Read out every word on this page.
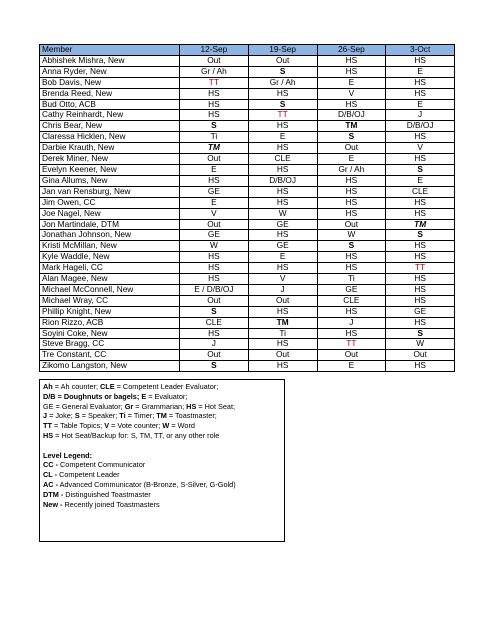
Member	12-Sep	19-Sep	26-Sep	3-Oct
Abhishek Mishra, New	Out	Out	HS	HS
Anna Ryder, New	Gr / Ah	S	HS	E
Bob Davis, New	TT	Gr / Ah	E	HS
Brenda Reed, New	HS	HS	V	HS
Bud Otto, ACB	HS	S	HS	E
Cathy Reinhardt, New	HS	TT	D/B/OJ	J
Chris Bear, New	S	HS	TM	D/B/OJ
Claressa Hicklen, New	Ti	E	S	HS
Darbie Krauth, New	TM	HS	Out	V
Derek Miner, New	Out	CLE	E	HS
Evelyn Keener, New	E	HS	Gr / Ah	S
Gina Allums, New	HS	D/B/OJ	HS	E
Jan van Rensburg, New	GE	HS	HS	CLE
Jim Owen, CC	E	HS	HS	HS
Joe Nagel, New	V	W	HS	HS
Jon Martindale, DTM	Out	GE	Out	TM
Jonathan Johnson, New	GE	HS	W	S
Kristi McMillan, New	W	GE	S	HS
Kyle Waddle, New	HS	E	HS	HS
Mark Hageli, CC	HS	HS	HS	TT
Alan Magee, New	HS	V	Ti	HS
Michael McConnell, New	E / D/B/OJ	J	GE	HS
Michael Wray, CC	Out	Out	CLE	HS
Phillip Knight, New	S	HS	HS	GE
Rion Rizzo, ACB	CLE	TM	J	HS
Soyini Coke, New	HS	Ti	HS	S
Steve Bragg, CC	J	HS	TT	W
Tre Constant, CC	Out	Out	Out	Out
Zikomo Langston, New	S	HS	E	HS
Ah = Ah counter; CLE = Competent Leader Evaluator;
D/B = Doughnuts or bagels; E = Evaluator;
GE = General Evaluator; Gr = Grammarian; HS = Hot Seat;
J = Joke; S = Speaker; Ti = Timer; TM = Toastmaster;
TT = Table Topics; V = Vote counter; W = Word
HS = Hot Seat/Backup for: S, TM, TT, or any other role
Level Legend:
CC - Competent Communicator
CL - Competent Leader
AC - Advanced Communicator (B-Bronze, S-Silver, G-Gold)
DTM - Distinguished Toastmaster
New - Recently joined Toastmasters
